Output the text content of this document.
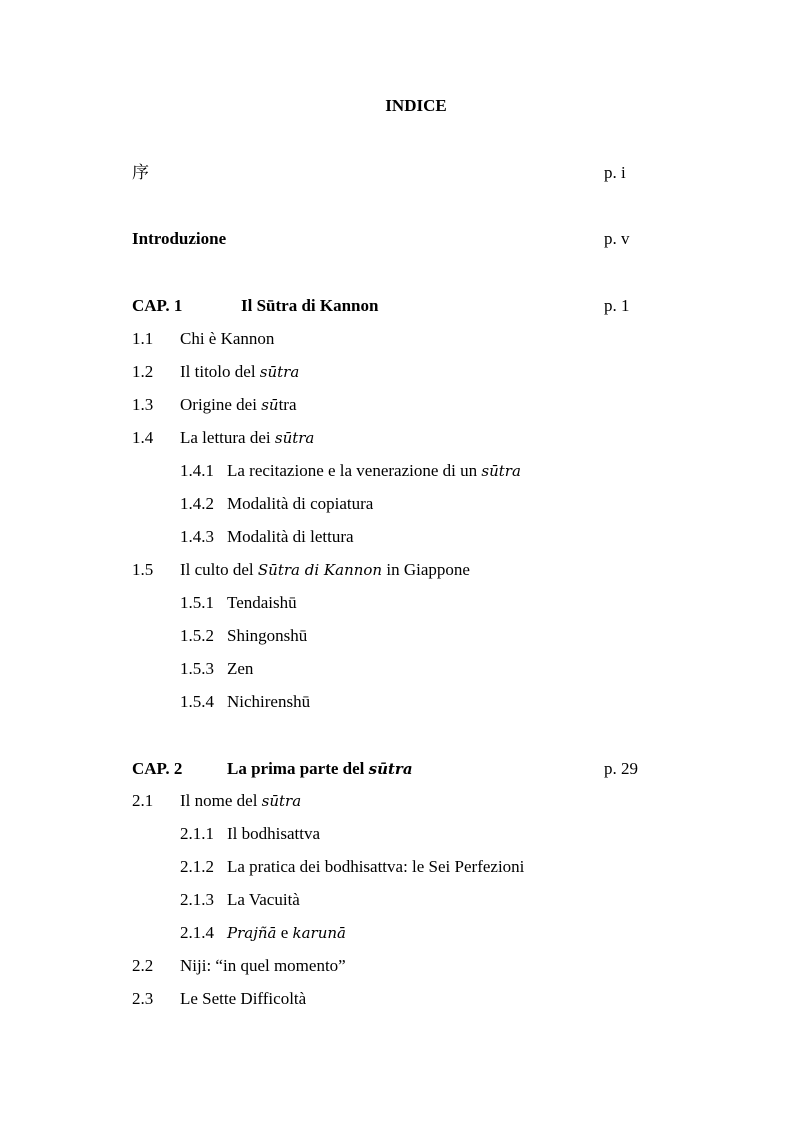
INDICE
序	p. i
Introduzione	p. v
CAP. 1	Il Sūtra di Kannon	p. 1
1.1 Chi è Kannon
1.2 Il titolo del sūtra
1.3 Origine dei sūtra
1.4 La lettura dei sūtra
1.4.1 La recitazione e la venerazione di un sūtra
1.4.2 Modalità di copiatura
1.4.3 Modalità di lettura
1.5 Il culto del Sūtra di Kannon in Giappone
1.5.1 Tendaishū
1.5.2 Shingonshū
1.5.3 Zen
1.5.4 Nichirenshū
CAP. 2	La prima parte del sūtra	p. 29
2.1 Il nome del sūtra
2.1.1 Il bodhisattva
2.1.2 La pratica dei bodhisattva: le Sei Perfezioni
2.1.3 La Vacuità
2.1.4 Prajñā e karunā
2.2 Niji: “in quel momento”
2.3 Le Sette Difficoltà
